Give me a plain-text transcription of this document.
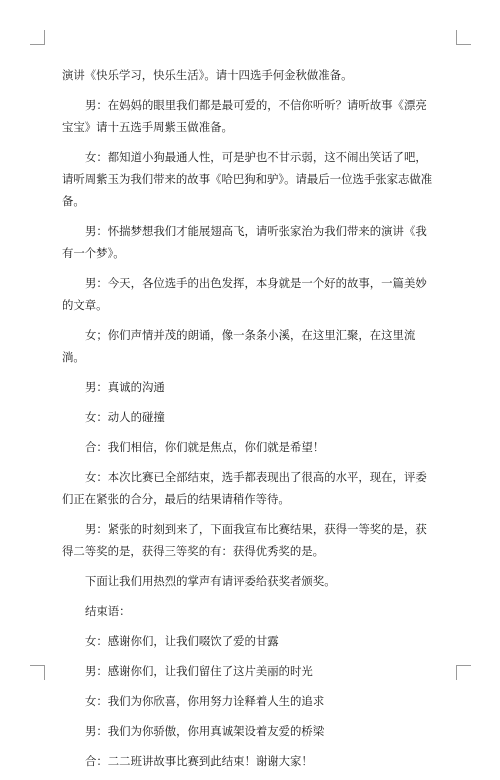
演讲《快乐学习，快乐生活》。请十四选手何金秋做准备。

男：在妈妈的眼里我们都是最可爱的，不信你听听？请听故事《漂亮宝宝》请十五选手周紫玉做准备。

女：都知道小狗最通人性，可是驴也不甘示弱，这不闹出笑话了吧，请听周紫玉为我们带来的故事《哈巴狗和驴》。请最后一位选手张家志做准备。

男：怀揣梦想我们才能展翅高飞，请听张家治为我们带来的演讲《我有一个梦》。

男：今天，各位选手的出色发挥，本身就是一个好的故事，一篇美妙的文章。

女；你们声情并茂的朗诵，像一条条小溪，在这里汇聚，在这里流淌。

男：真诚的沟通

女：动人的碰撞

合：我们相信，你们就是焦点，你们就是希望！

女：本次比赛已全部结束，选手都表现出了很高的水平，现在，评委们正在紧张的合分，最后的结果请稍作等待。

男：紧张的时刻到来了，下面我宣布比赛结果，获得一等奖的是，获得二等奖的是，获得三等奖的有：获得优秀奖的是。

下面让我们用热烈的掌声有请评委给获奖者颁奖。

结束语：

女：感谢你们，让我们啜饮了爱的甘露

男：感谢你们，让我们留住了这片美丽的时光

女：我们为你欣喜，你用努力诠释着人生的追求

男：我们为你骄傲，你用真诚架设着友爱的桥梁

合：二二班讲故事比赛到此结束！谢谢大家！
